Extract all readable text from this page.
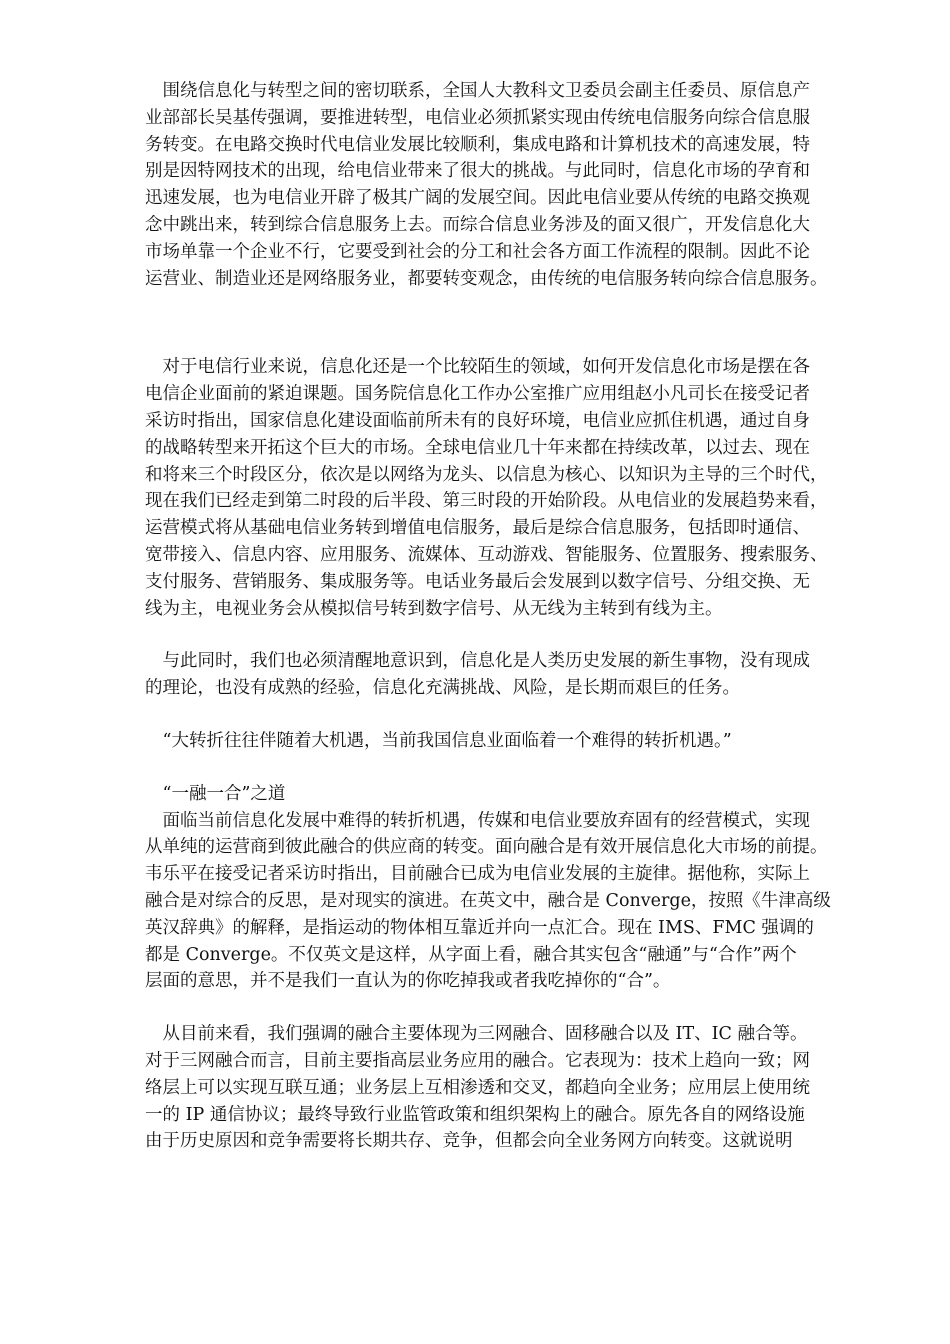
　围绕信息化与转型之间的密切联系，全国人大教科文卫委员会副主任委员、原信息产
业部部长吴基传强调，要推进转型，电信业必须抓紧实现由传统电信服务向综合信息服
务转变。在电路交换时代电信业发展比较顺利，集成电路和计算机技术的高速发展，特
别是因特网技术的出现，给电信业带来了很大的挑战。与此同时，信息化市场的孕育和
迅速发展，也为电信业开辟了极其广阔的发展空间。因此电信业要从传统的电路交换观
念中跳出来，转到综合信息服务上去。而综合信息业务涉及的面又很广，开发信息化大
市场单靠一个企业不行，它要受到社会的分工和社会各方面工作流程的限制。因此不论
运营业、制造业还是网络服务业，都要转变观念，由传统的电信服务转向综合信息服务。
　对于电信行业来说，信息化还是一个比较陌生的领域，如何开发信息化市场是摆在各
电信企业面前的紧迫课题。国务院信息化工作办公室推广应用组赵小凡司长在接受记者
采访时指出，国家信息化建设面临前所未有的良好环境，电信业应抓住机遇，通过自身
的战略转型来开拓这个巨大的市场。全球电信业几十年来都在持续改革，以过去、现在
和将来三个时段区分，依次是以网络为龙头、以信息为核心、以知识为主导的三个时代，
现在我们已经走到第二时段的后半段、第三时段的开始阶段。从电信业的发展趋势来看，
运营模式将从基础电信业务转到增值电信服务，最后是综合信息服务，包括即时通信、
宽带接入、信息内容、应用服务、流媒体、互动游戏、智能服务、位置服务、搜索服务、
支付服务、营销服务、集成服务等。电话业务最后会发展到以数字信号、分组交换、无
线为主，电视业务会从模拟信号转到数字信号、从无线为主转到有线为主。
　与此同时，我们也必须清醒地意识到，信息化是人类历史发展的新生事物，没有现成
的理论，也没有成熟的经验，信息化充满挑战、风险，是长期而艰巨的任务。
　“大转折往往伴随着大机遇，当前我国信息业面临着一个难得的转折机遇。”
　“一融一合”之道
　面临当前信息化发展中难得的转折机遇，传媒和电信业要放弃固有的经营模式，实现
从单纯的运营商到彼此融合的供应商的转变。面向融合是有效开展信息化大市场的前提。
韦乐平在接受记者采访时指出，目前融合已成为电信业发展的主旋律。据他称，实际上
融合是对综合的反思，是对现实的演进。在英文中，融合是 Converge，按照《牛津高级
英汉辞典》的解释，是指运动的物体相互靠近并向一点汇合。现在 IMS、FMC 强调的
都是 Converge。不仅英文是这样，从字面上看，融合其实包含“融通”与“合作”两个
层面的意思，并不是我们一直认为的你吃掉我或者我吃掉你的“合”。
　从目前来看，我们强调的融合主要体现为三网融合、固移融合以及 IT、IC 融合等。
对于三网融合而言，目前主要指高层业务应用的融合。它表现为：技术上趋向一致；网
络层上可以实现互联互通；业务层上互相渗透和交叉，都趋向全业务；应用层上使用统
一的 IP 通信协议；最终导致行业监管政策和组织架构上的融合。原先各自的网络设施
由于历史原因和竞争需要将长期共存、竞争，但都会向全业务网方向转变。这就说明
